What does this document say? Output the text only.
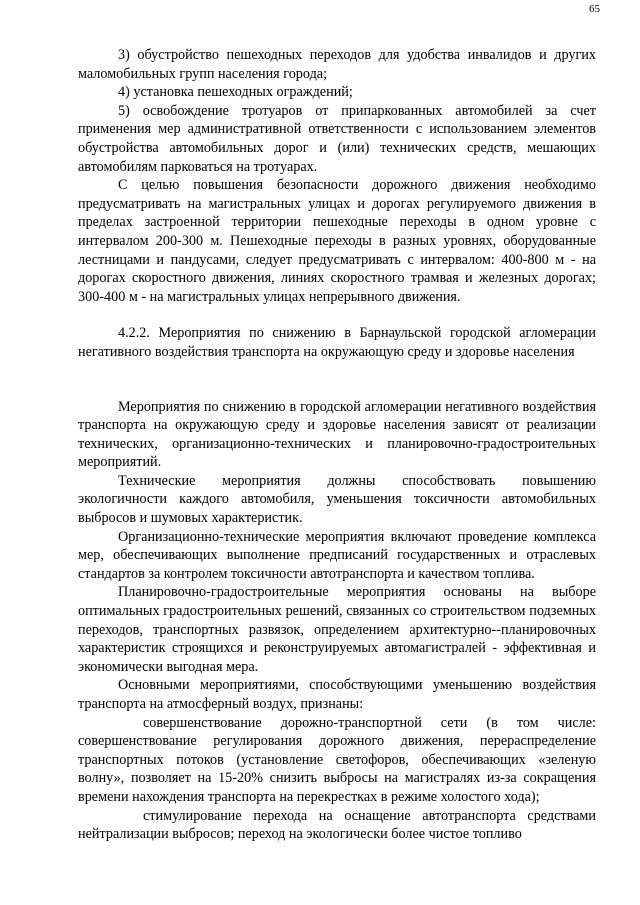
65

3) обустройство пешеходных переходов для удобства инвалидов и других маломобильных групп населения города;

4) установка пешеходных ограждений;

5) освобождение тротуаров от припаркованных автомобилей за счет применения мер административной ответственности с использованием элементов обустройства автомобильных дорог и (или) технических средств, мешающих автомобилям парковаться на тротуарах.

С целью повышения безопасности дорожного движения необходимо предусматривать на магистральных улицах и дорогах регулируемого движения в пределах застроенной территории пешеходные переходы в одном уровне с интервалом 200-300 м. Пешеходные переходы в разных уровнях, оборудованные лестницами и пандусами, следует предусматривать с интервалом: 400-800 м - на дорогах скоростного движения, линиях скоростного трамвая и железных дорогах; 300-400 м - на магистральных улицах непрерывного движения.

4.2.2. Мероприятия по снижению в Барнаульской городской агломерации негативного воздействия транспорта на окружающую среду и здоровье населения

Мероприятия по снижению в городской агломерации негативного воздействия транспорта на окружающую среду и здоровье населения зависят от реализации технических, организационно-технических и планировочно-градостроительных мероприятий.

Технические мероприятия должны способствовать повышению экологичности каждого автомобиля, уменьшения токсичности автомобильных выбросов и шумовых характеристик.

Организационно-технические мероприятия включают проведение комплекса мер, обеспечивающих выполнение предписаний государственных и отраслевых стандартов за контролем токсичности автотранспорта и качеством топлива.

Планировочно-градостроительные мероприятия основаны на выборе оптимальных градостроительных решений, связанных со строительством подземных переходов, транспортных развязок, определением архитектурно--планировочных характеристик строящихся и реконструируемых автомагистралей - эффективная и экономически выгодная мера.

Основными мероприятиями, способствующими уменьшению воздействия транспорта на атмосферный воздух, признаны:

совершенствование дорожно-транспортной сети (в том числе: совершенствование регулирования дорожного движения, перераспределение транспортных потоков (установление светофоров, обеспечивающих «зеленую волну», позволяет на 15-20% снизить выбросы на магистралях из-за сокращения времени нахождения транспорта на перекрестках в режиме холостого хода);

стимулирование перехода на оснащение автотранспорта средствами нейтрализации выбросов; переход на экологически более чистое топливо
